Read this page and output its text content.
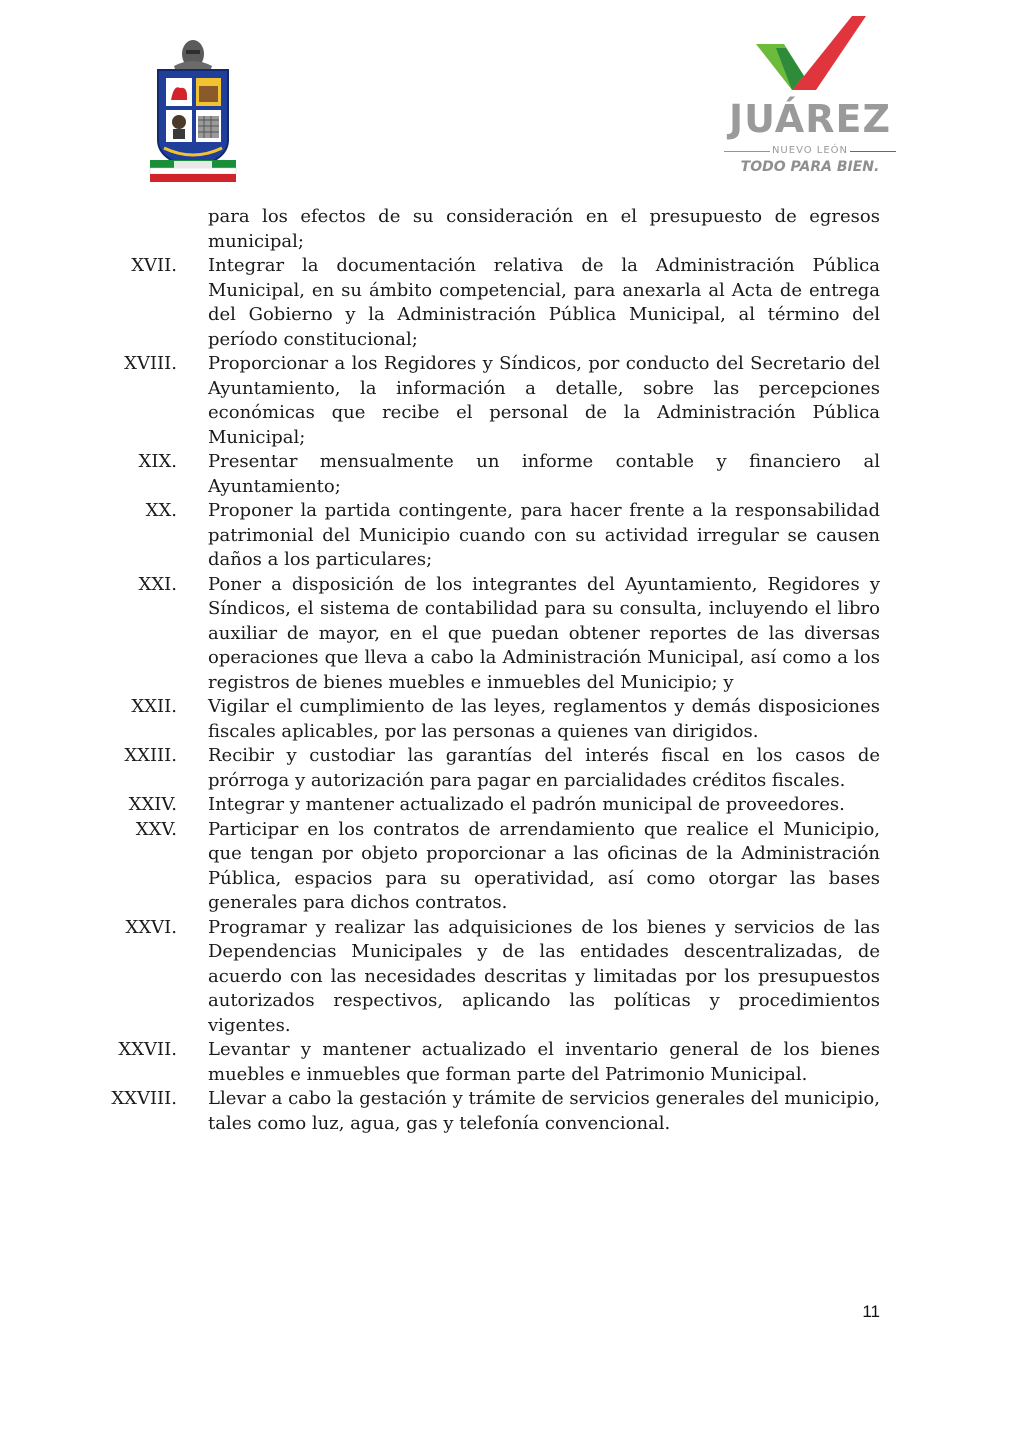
JUÁREZ
NUEVO LEÓN
TODO PARA BIEN.

para los efectos de su consideración en el presupuesto de egresos municipal;

XVII. Integrar la documentación relativa de la Administración Pública Municipal, en su ámbito competencial, para anexarla al Acta de entrega del Gobierno y la Administración Pública Municipal, al término del período constitucional;
XVIII. Proporcionar a los Regidores y Síndicos, por conducto del Secretario del Ayuntamiento, la información a detalle, sobre las percepciones económicas que recibe el personal de la Administración Pública Municipal;
XIX. Presentar mensualmente un informe contable y financiero al Ayuntamiento;
XX. Proponer la partida contingente, para hacer frente a la responsabilidad patrimonial del Municipio cuando con su actividad irregular se causen daños a los particulares;
XXI. Poner a disposición de los integrantes del Ayuntamiento, Regidores y Síndicos, el sistema de contabilidad para su consulta, incluyendo el libro auxiliar de mayor, en el que puedan obtener reportes de las diversas operaciones que lleva a cabo la Administración Municipal, así como a los registros de bienes muebles e inmuebles del Municipio; y
XXII. Vigilar el cumplimiento de las leyes, reglamentos y demás disposiciones fiscales aplicables, por las personas a quienes van dirigidos.
XXIII. Recibir y custodiar las garantías del interés fiscal en los casos de prórroga y autorización para pagar en parcialidades créditos fiscales.
XXIV. Integrar y mantener actualizado el padrón municipal de proveedores.
XXV. Participar en los contratos de arrendamiento que realice el Municipio, que tengan por objeto proporcionar a las oficinas de la Administración Pública, espacios para su operatividad, así como otorgar las bases generales para dichos contratos.
XXVI. Programar y realizar las adquisiciones de los bienes y servicios de las Dependencias Municipales y de las entidades descentralizadas, de acuerdo con las necesidades descritas y limitadas por los presupuestos autorizados respectivos, aplicando las políticas y procedimientos vigentes.
XXVII. Levantar y mantener actualizado el inventario general de los bienes muebles e inmuebles que forman parte del Patrimonio Municipal.
XXVIII. Llevar a cabo la gestación y trámite de servicios generales del municipio, tales como luz, agua, gas y telefonía convencional.
11
